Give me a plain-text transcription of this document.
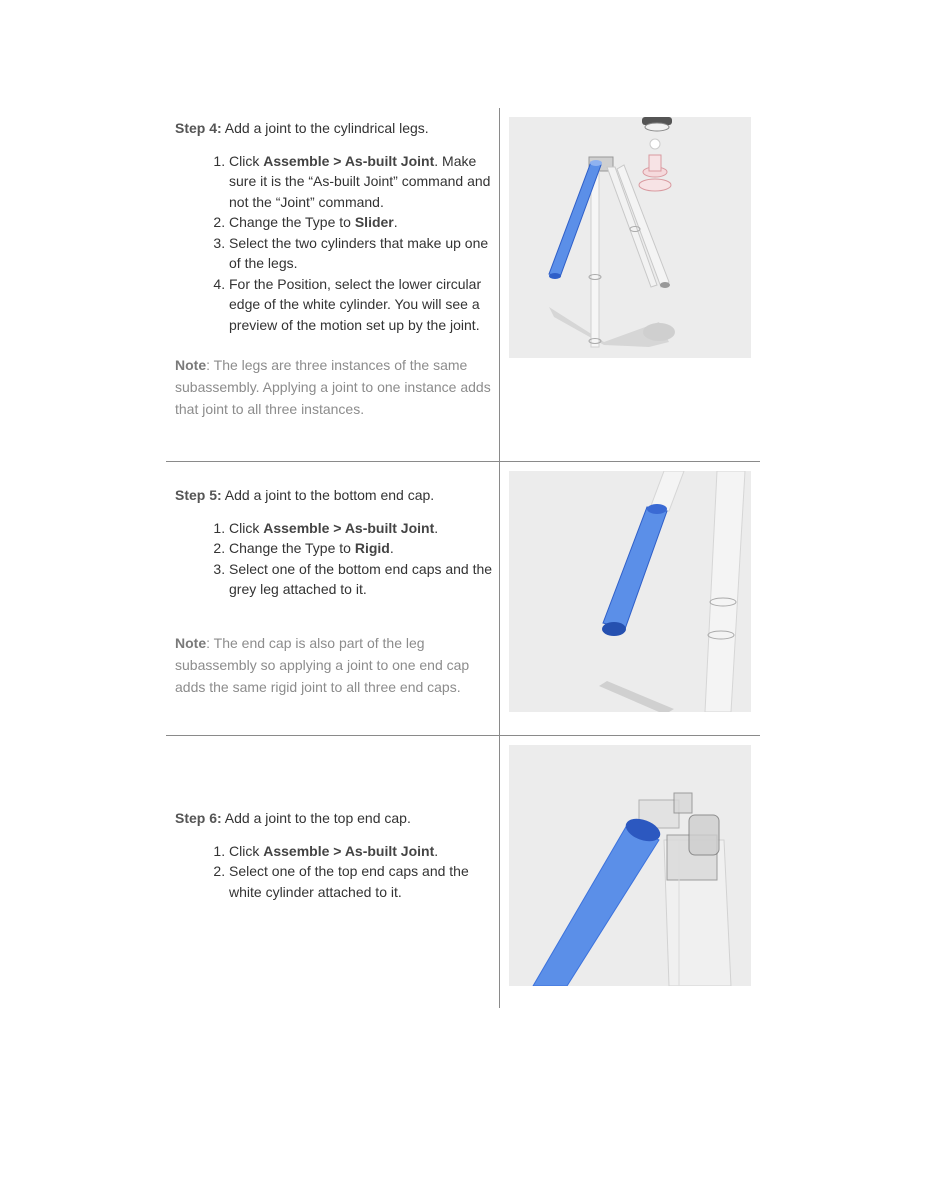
Step 4: Add a joint to the cylindrical legs.

1. Click Assemble > As-built Joint. Make sure it is the “As-built Joint” command and not the “Joint” command.
2. Change the Type to Slider.
3. Select the two cylinders that make up one of the legs.
4. For the Position, select the lower circular edge of the white cylinder. You will see a preview of the motion set up by the joint.

Note: The legs are three instances of the same subassembly. Applying a joint to one instance adds that joint to all three instances.

Step 5: Add a joint to the bottom end cap.

1. Click Assemble > As-built Joint.
2. Change the Type to Rigid.
3. Select one of the bottom end caps and the grey leg attached to it.

Note: The end cap is also part of the leg subassembly so applying a joint to one end cap adds the same rigid joint to all three end caps.

Step 6: Add a joint to the top end cap.

1. Click Assemble > As-built Joint.
2. Select one of the top end caps and the white cylinder attached to it.
